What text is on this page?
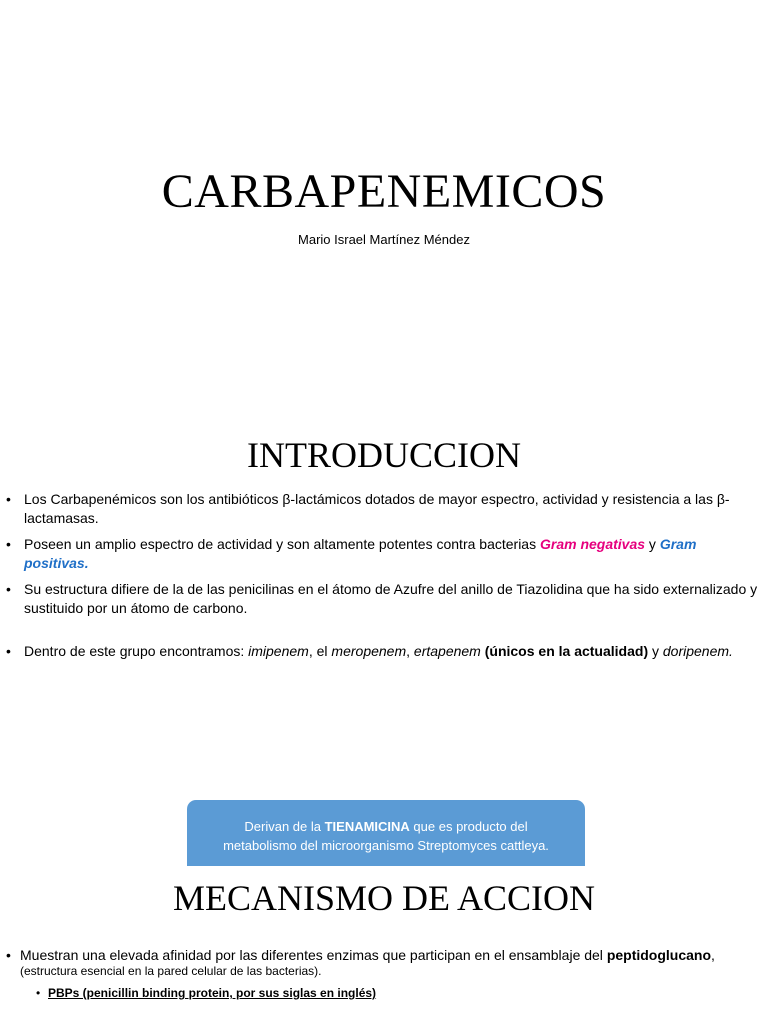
CARBAPENEMICOS
Mario Israel Martínez Méndez
INTRODUCCION
• Los Carbapenémicos son los antibióticos β-lactámicos dotados de mayor espectro, actividad y resistencia a las β-lactamasas.
• Poseen un amplio espectro de actividad y son altamente potentes contra bacterias Gram negativas y Gram positivas.
• Su estructura difiere de la de las penicilinas en el átomo de Azufre del anillo de Tiazolidina que ha sido externalizado y sustituido por un átomo de carbono.
• Dentro de este grupo encontramos: imipenem, el meropenem, ertapenem (únicos en la actualidad) y doripenem.
Derivan de la TIENAMICINA que es producto del
metabolismo del microorganismo Streptomyces cattleya.
MECANISMO DE ACCION
• Muestran una elevada afinidad por las diferentes enzimas que participan en el ensamblaje del peptidoglucano,
(estructura esencial en la pared celular de las bacterias).
• PBPs (penicillin binding protein, por sus siglas en inglés)
